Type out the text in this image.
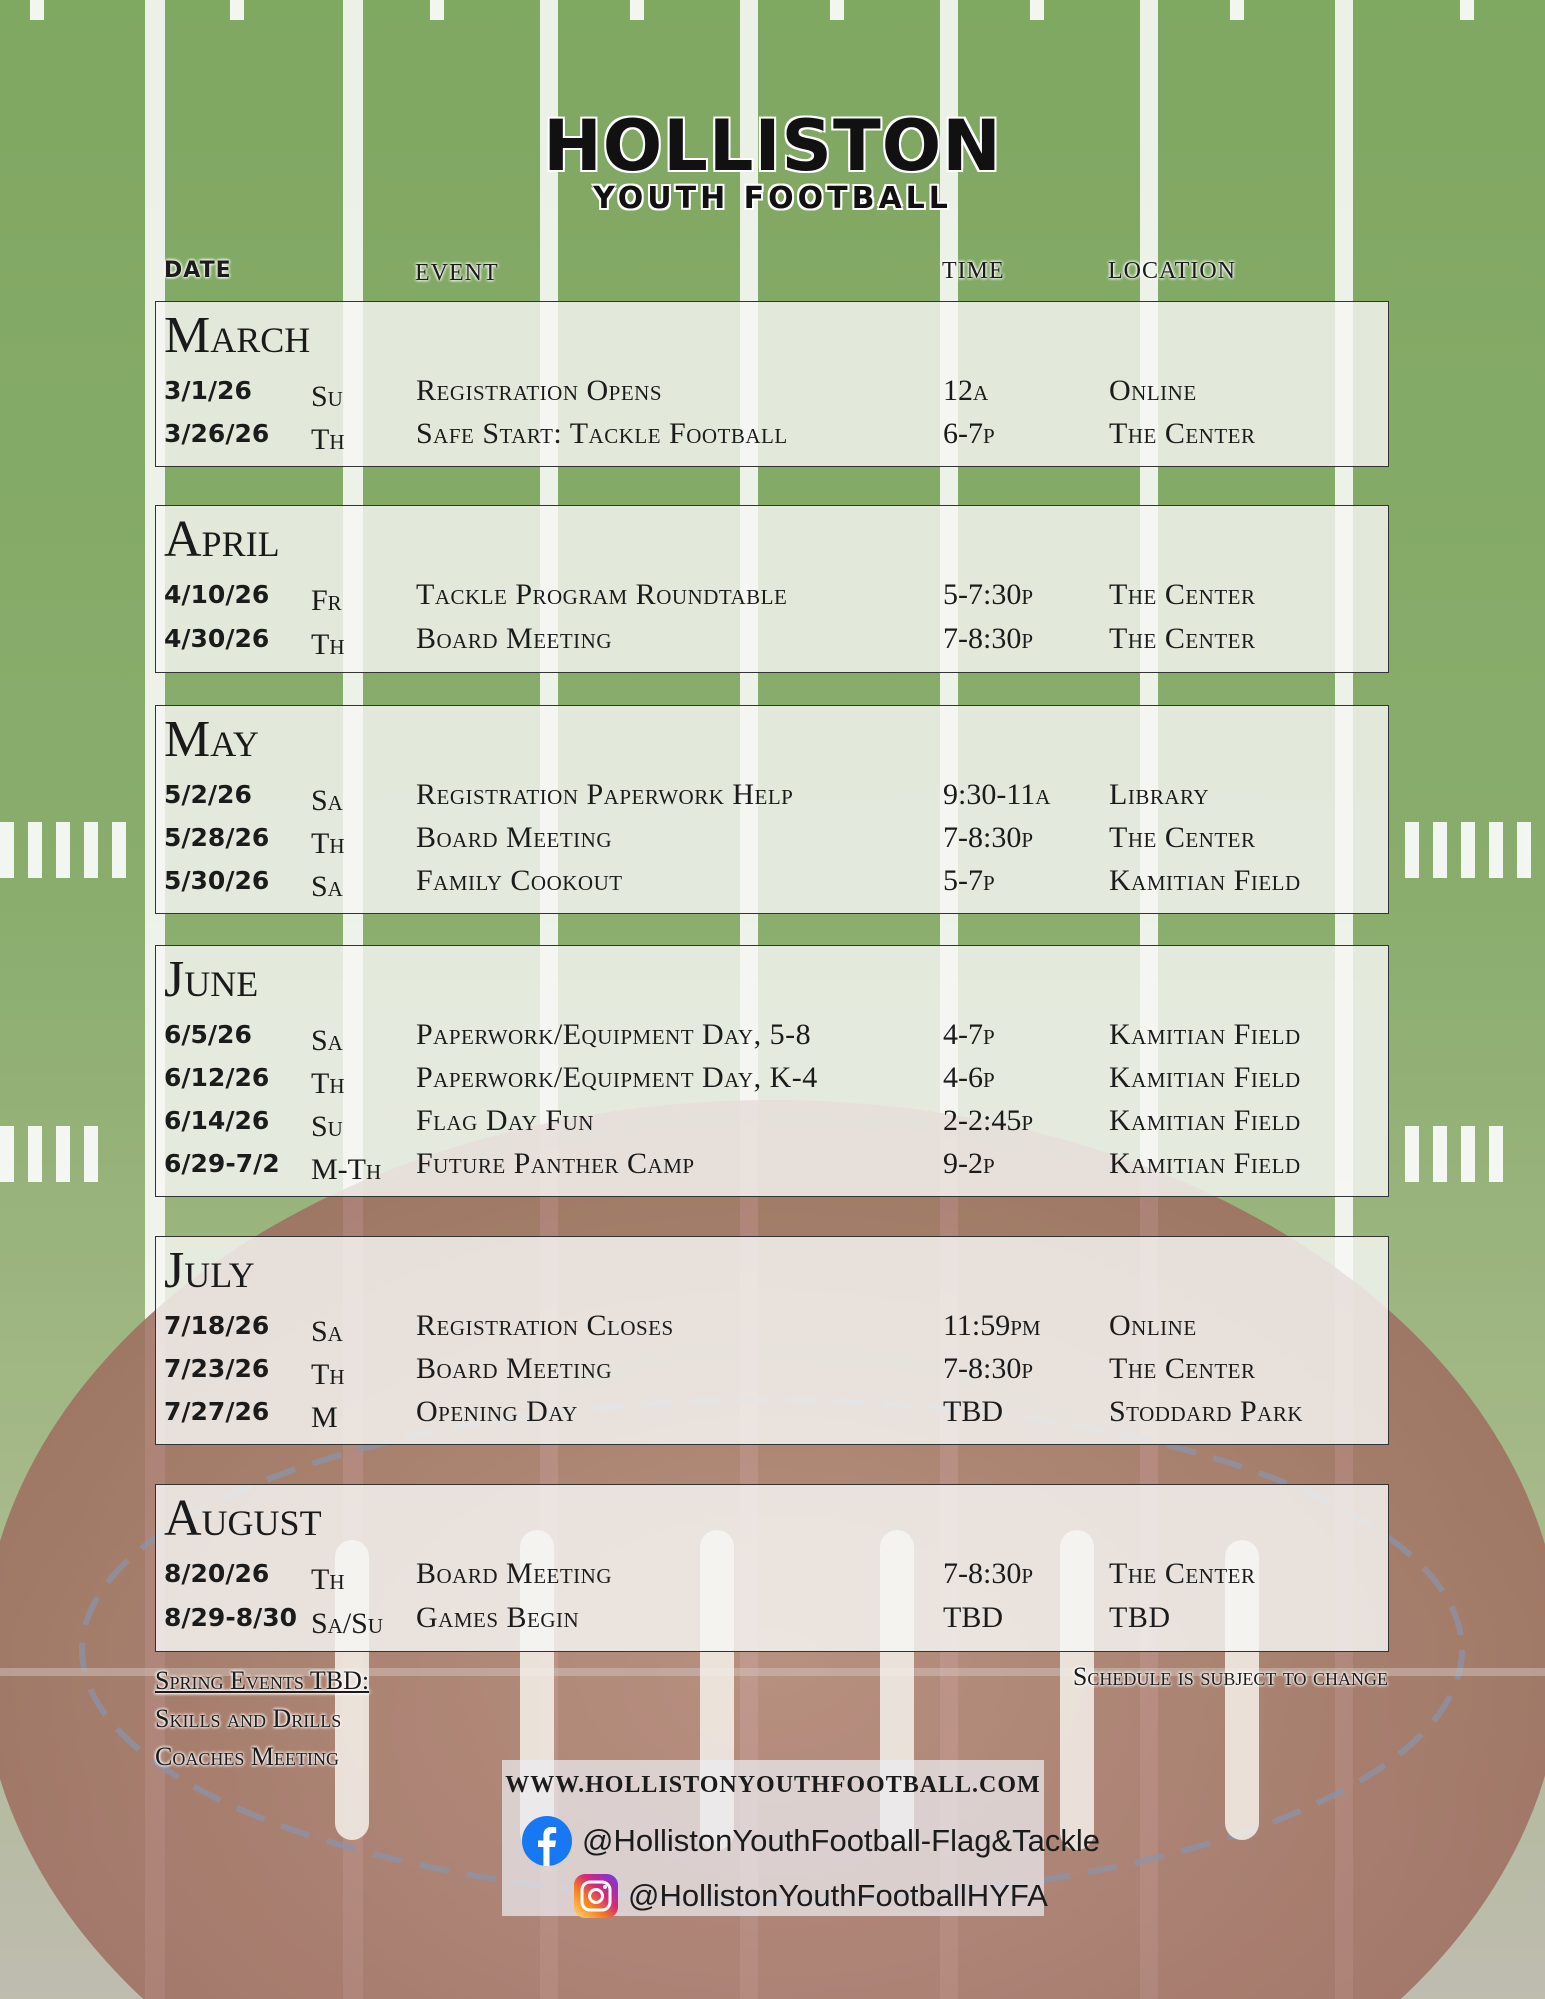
HOLLISTON
YOUTH FOOTBALL
DATE	EVENT	TIME	LOCATION
March
3/1/26 Su Registration Opens	12a	Online
3/26/26 Th Safe Start: Tackle Football	6-7p	The Center
April
4/10/26 Fr Tackle Program Roundtable	5-7:30p	The Center
4/30/26 Th Board Meeting	7-8:30p	The Center
May
5/2/26 Sa Registration Paperwork Help	9:30-11a Library
5/28/26 Th Board Meeting	7-8:30p	The Center
5/30/26 Sa Family Cookout	5-7p	Kamitian Field
June
6/5/26 Sa Paperwork/Equipment Day, 5-8	4-7p	Kamitian Field
6/12/26 Th Paperwork/Equipment Day, K-4	4-6p	Kamitian Field
6/14/26 Su Flag Day Fun	2-2:45p	Kamitian Field
6/29-7/2 M-Th Future Panther Camp	9-2p	Kamitian Field
July
7/18/26 Sa Registration Closes	11:59pm Online
7/23/26 Th Board Meeting	7-8:30p	The Center
7/27/26 M	Opening Day	TBD	Stoddard Park
August
8/20/26 Th Board Meeting	7-8:30p	The Center
8/29-8/30 Sa/Su Games Begin	TBD	TBD
Spring Events TBD:
Skills and Drills
Coaches Meeting
Schedule is subject to change
WWW.HOLLISTONYOUTHFOOTBALL.COM
@HollistonYouthFootball-Flag&Tackle
@HollistonYouthFootballHYFA
